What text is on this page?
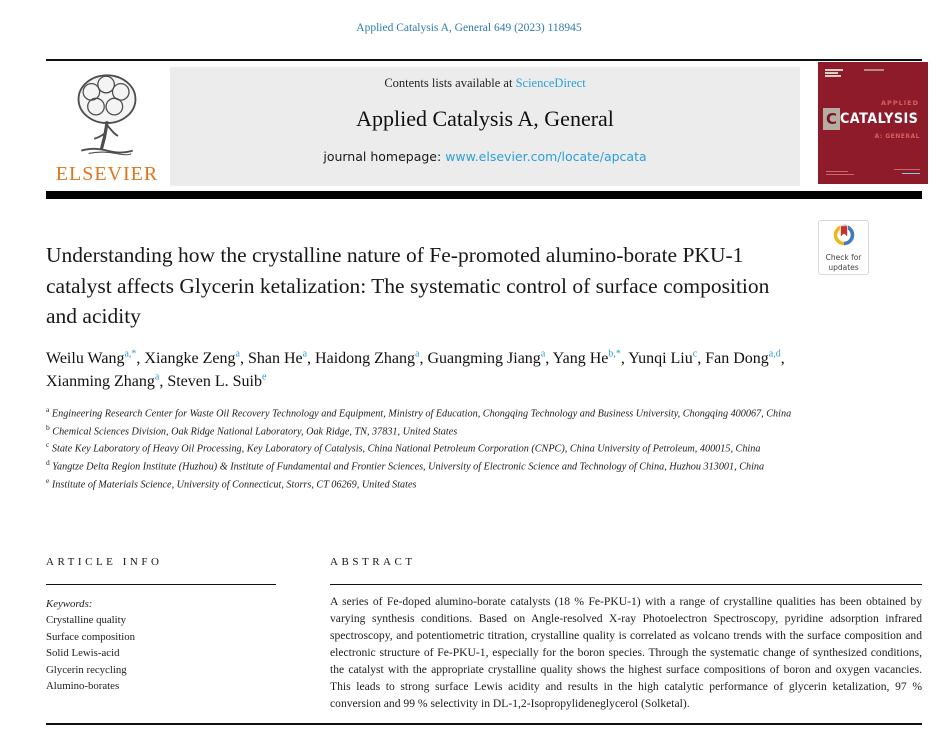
Applied Catalysis A, General 649 (2023) 118945
ELSEVIER
Contents lists available at ScienceDirect
Applied Catalysis A, General
journal homepage: www.elsevier.com/locate/apcata
APPLIED
C CATALYSIS
A: GENERAL
Check for
updates
Understanding how the crystalline nature of Fe-promoted alumino-borate PKU-1 catalyst affects Glycerin ketalization: The systematic control of surface composition and acidity
Weilu Wang$^{a,*}$, Xiangke Zeng$^a$, Shan He$^a$, Haidong Zhang$^a$, Guangming Jiang$^a$, Yang $He^{b,*}$, Yunqi Liu$^c$, Fan Dong$^{a,d}$, Xianming Zhang$^a$, Steven L. Suib$^e$
$^a$ Engineering Research Center for Waste Oil Recovery Technology and Equipment, Ministry of Education, Chongqing Technology and Business University, Chongqing 400067, China
$^b$ Chemical Sciences Division, Oak Ridge National Laboratory, Oak Ridge, TN, 37831, United States
$^c$ State Key Laboratory of Heavy Oil Processing, Key Laboratory of Catalysis, China National Petroleum Corporation (CNPC), China University of Petroleum, 400015, China
$^d$ Yangtze Delta Region Institute (Huzhou) & Institute of Fundamental and Frontier Sciences, University of Electronic Science and Technology of China, Huzhou 313001, China
$^e$ Institute of Materials Science, University of Connecticut, Storrs, CT 06269, United States
ARTICLE INFO
Keywords:
Crystalline quality
Surface composition
Solid Lewis-acid
Glycerin recycling
Alumino-borates
ABSTRACT
A series of Fe-doped alumino-borate catalysts (18 % Fe-PKU-1) with a range of crystalline qualities has been obtained by varying synthesis conditions. Based on Angle-resolved X-ray Photoelectron Spectroscopy, pyridine adsorption infrared spectroscopy, and potentiometric titration, crystalline quality is correlated as volcano trends with the surface composition and electronic structure of Fe-PKU-1, especially for the boron species. Through the systematic change of synthesized conditions, the catalyst with the appropriate crystalline quality shows the highest surface compositions of boron and oxygen vacancies. This leads to strong surface Lewis acidity and results in the high catalytic performance of glycerin ketalization, 97 % conversion and 99 % selectivity in DL-1,2-Isopropylideneglycerol (Solketal).
